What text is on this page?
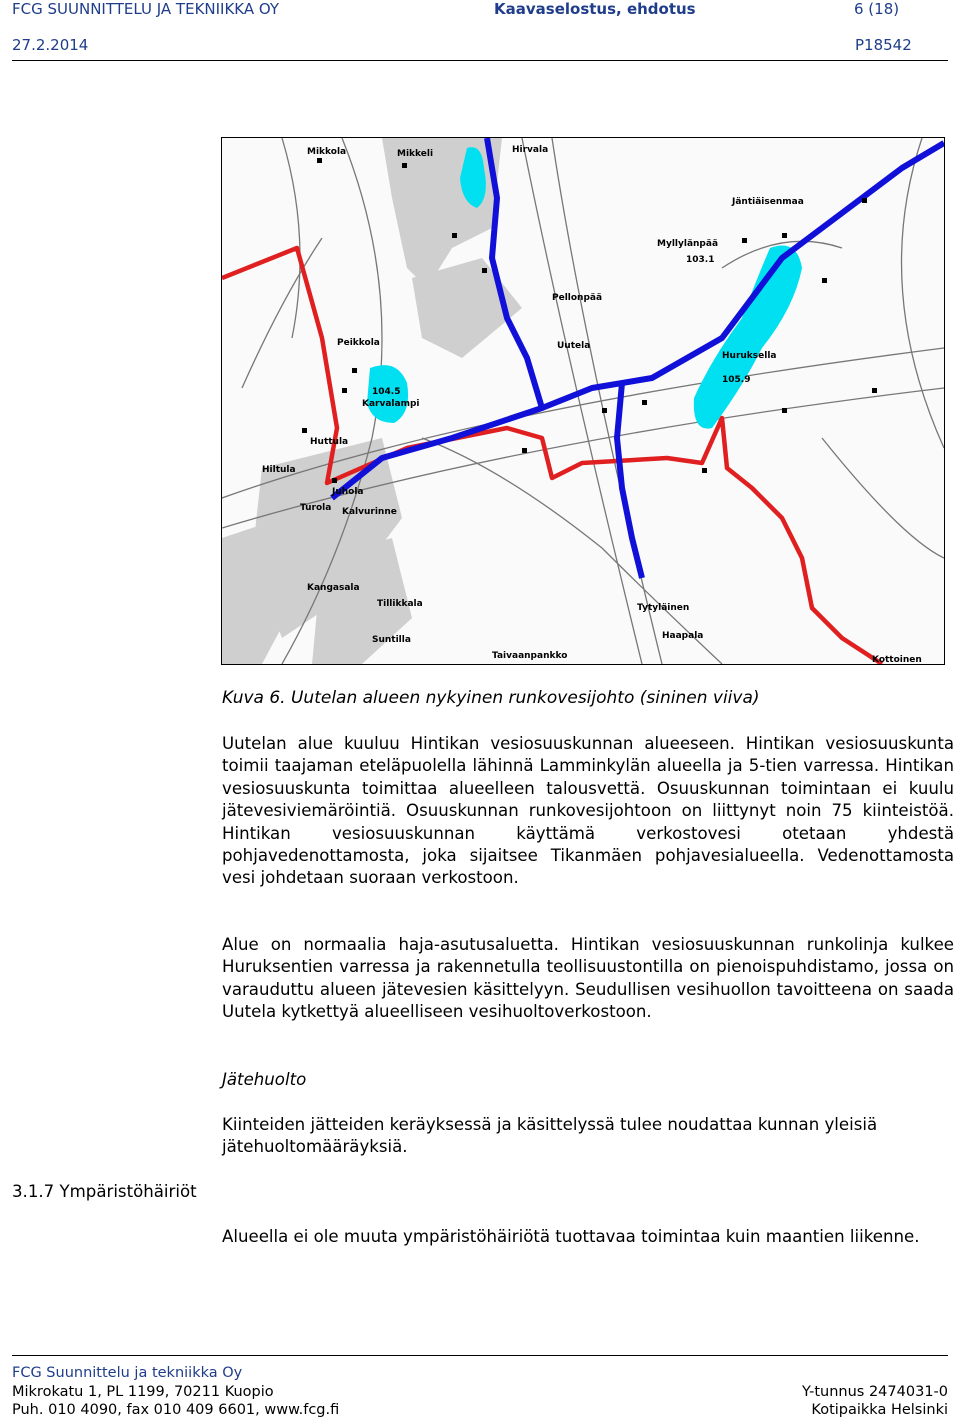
FCG SUUNNITTELU JA TEKNIIKKA OY	Kaavaselostus, ehdotus	6 (18)
27.2.2014	P18542
Mikkola	Mikkeli	Hirvala
Jäntiäisenmaa
Myllylänpää
Pellonpää
Uutela
Peikkola
Karvalampi
Huttula
Hiltula
Kalvurinne
Turola
Juhola
Tillikkala
Kangasala
Suntilla
Tytyläinen
Haapala
Taivaanpankko	Kottoinen
Huruksella
103.1
105.9
104.5
Kuva 6. Uutelan alueen nykyinen runkovesijohto (sininen viiva)
Uutelan alue kuuluu Hintikan vesiosuuskunnan alueeseen. Hintikan vesiosuuskunta toimii taajaman eteläpuolella lähinnä Lamminkylän alueella ja 5-tien varressa. Hintikan vesiosuuskunta toimittaa alueelleen talousvettä. Osuuskunnan toimintaan ei kuulu jätevesiviemäröintiä. Osuuskunnan runkovesijohtoon on liittynyt noin 75 kiinteistöä. Hintikan vesiosuuskunnan käyttämä verkostovesi otetaan yhdestä pohjavedenottamosta, joka sijaitsee Tikanmäen pohjavesialueella. Vedenottamosta vesi johdetaan suoraan verkostoon.
Alue on normaalia haja-asutusaluetta. Hintikan vesiosuuskunnan runkolinja kulkee Huruksentien varressa ja rakennetulla teollisuustontilla on pienoispuhdistamo, jossa on varauduttu alueen jätevesien käsittelyyn. Seudullisen vesihuollon tavoitteena on saada Uutela kytkettyä alueelliseen vesihuoltoverkostoon.
Jätehuolto
Kiinteiden jätteiden keräyksessä ja käsittelyssä tulee noudattaa kunnan yleisiä jätehuoltomääräyksiä.
3.1.7 Ympäristöhäiriöt
Alueella ei ole muuta ympäristöhäiriötä tuottavaa toimintaa kuin maantien liikenne.
FCG Suunnittelu ja tekniikka Oy
Mikrokatu 1, PL 1199, 70211 Kuopio
Puh. 010 4090, fax 010 409 6601, www.fcg.fi
Y-tunnus 2474031-0
Kotipaikka Helsinki
